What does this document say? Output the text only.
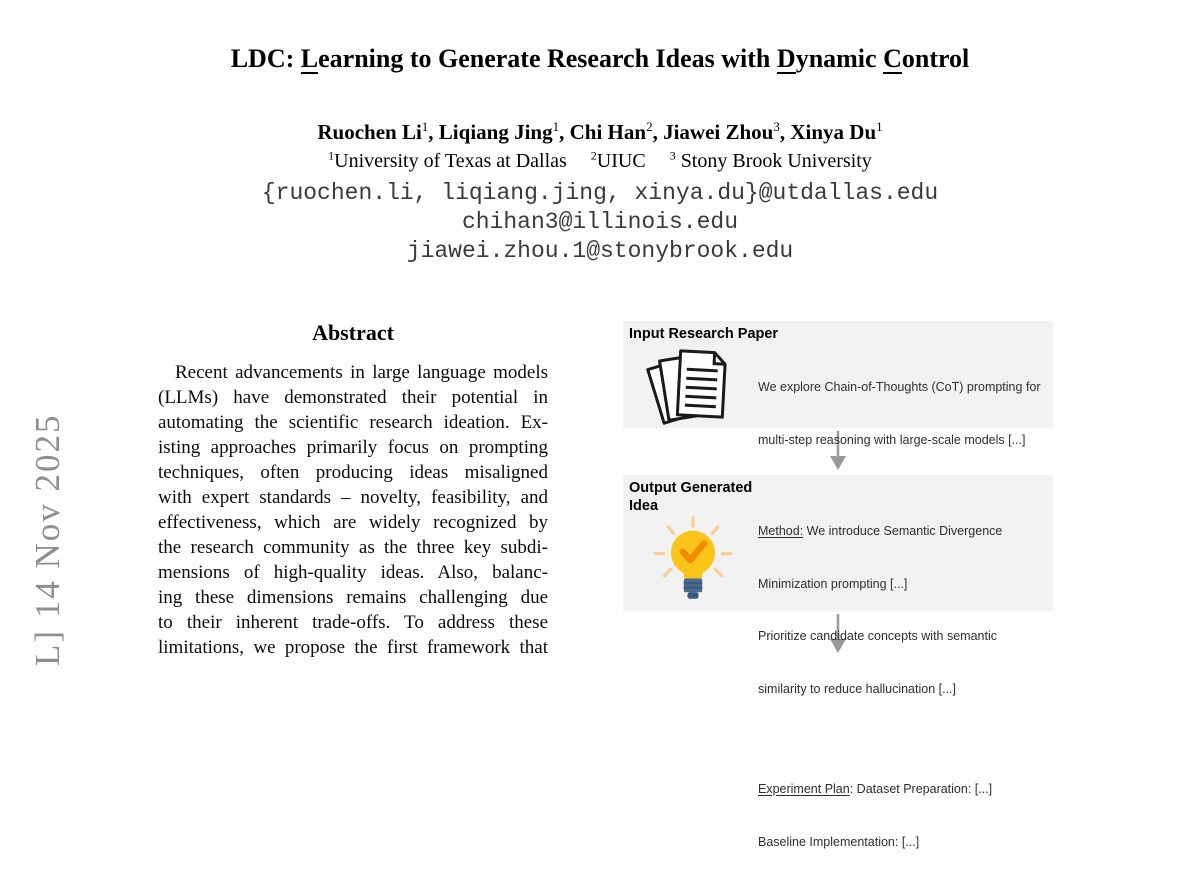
L] 14 Nov 2025
LDC: Learning to Generate Research Ideas with Dynamic Control
Ruochen Li$^1$, Liqiang Jing$^1$, Chi Han$^2$, Jiawei Zhou$^3$, Xinya Du$^1$
$^1$University of Texas at Dallas $^2$UIUC $^3$ Stony Brook University
{ruochen.li, liqiang.jing, xinya.du}@utdallas.edu
chihan3@illinois.edu
jiawei.zhou.1@stonybrook.edu
Abstract
Recent advancements in large language models
(LLMs) have demonstrated their potential in
automating the scientific research ideation. Ex-
isting approaches primarily focus on prompting
techniques, often producing ideas misaligned
with expert standards – novelty, feasibility, and
effectiveness, which are widely recognized by
the research community as the three key subdi-
mensions of high-quality ideas. Also, balanc-
ing these dimensions remains challenging due
to their inherent trade-offs. To address these
limitations, we propose the first framework that
Input Research Paper

We explore Chain-of-Thoughts (CoT) prompting for

multi-step reasoning with large-scale models [...]

Output Generated
Idea

Method: We introduce Semantic Divergence

Minimization prompting [...]

Prioritize candidate concepts with semantic

similarity to reduce hallucination [...]

Experiment Plan: Dataset Preparation: [...]

Baseline Implementation: [...]
